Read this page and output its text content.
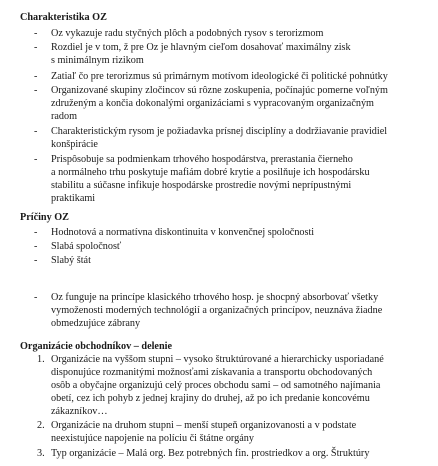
Charakteristika OZ
- Oz vykazuje radu styčných plôch a podobných rysov s terorizmom
- Rozdiel je v tom, ž pre Oz je hlavným cieľom dosahovať maximálny zisk
s minimálnym rizikom
- Zatiaľ čo pre terorizmus sú primárnym motívom ideologické či politické pohnútky
- Organizované skupiny zločincov sú rôzne zoskupenia, počínajúc pomerne voľným
združeným a končia dokonalými organizáciami s vypracovaným organizačným
radom
- Charakteristickým rysom je požiadavka prísnej disciplíny a dodržiavanie pravidiel
konšpirácie
- Prispôsobuje sa podmienkam trhového hospodárstva, prerastania čierneho
a normálneho trhu poskytuje mafiám dobré krytie a posilňuje ich hospodársku
stabilitu a súčasne infikuje hospodárske prostredie novými neprípustnými
praktikami
Príčiny OZ
- Hodnotová a normatívna diskontinuita v konvenčnej spoločnosti
- Slabá spoločnosť
- Slabý štát
- Oz funguje na princípe klasického trhového hosp. je shocpný absorbovať všetky
vymoženosti moderných technológií a organizačných princípov, neuznáva žiadne
obmedzujúce zábrany
Organizácie obchodníkov – delenie
1. Organizácie na vyššom stupni – vysoko štruktúrované a hierarchicky usporiadané
disponujúce rozmanitými možnosťami získavania a transportu obchodovaných
osôb a obyčajne organizujú celý proces obchodu sami – od samotného najímania
obetí, cez ich pohyb z jednej krajiny do druhej, až po ich predanie koncovému
zákazníkov…
2. Organizácie na druhom stupni – menší stupeň organizovanosti a v podstate
neexistujúce napojenie na políciu či štátne orgány
3. Typ organizácie – Malá org. Bez potrebných fin. prostriedkov a org. Štruktúry
